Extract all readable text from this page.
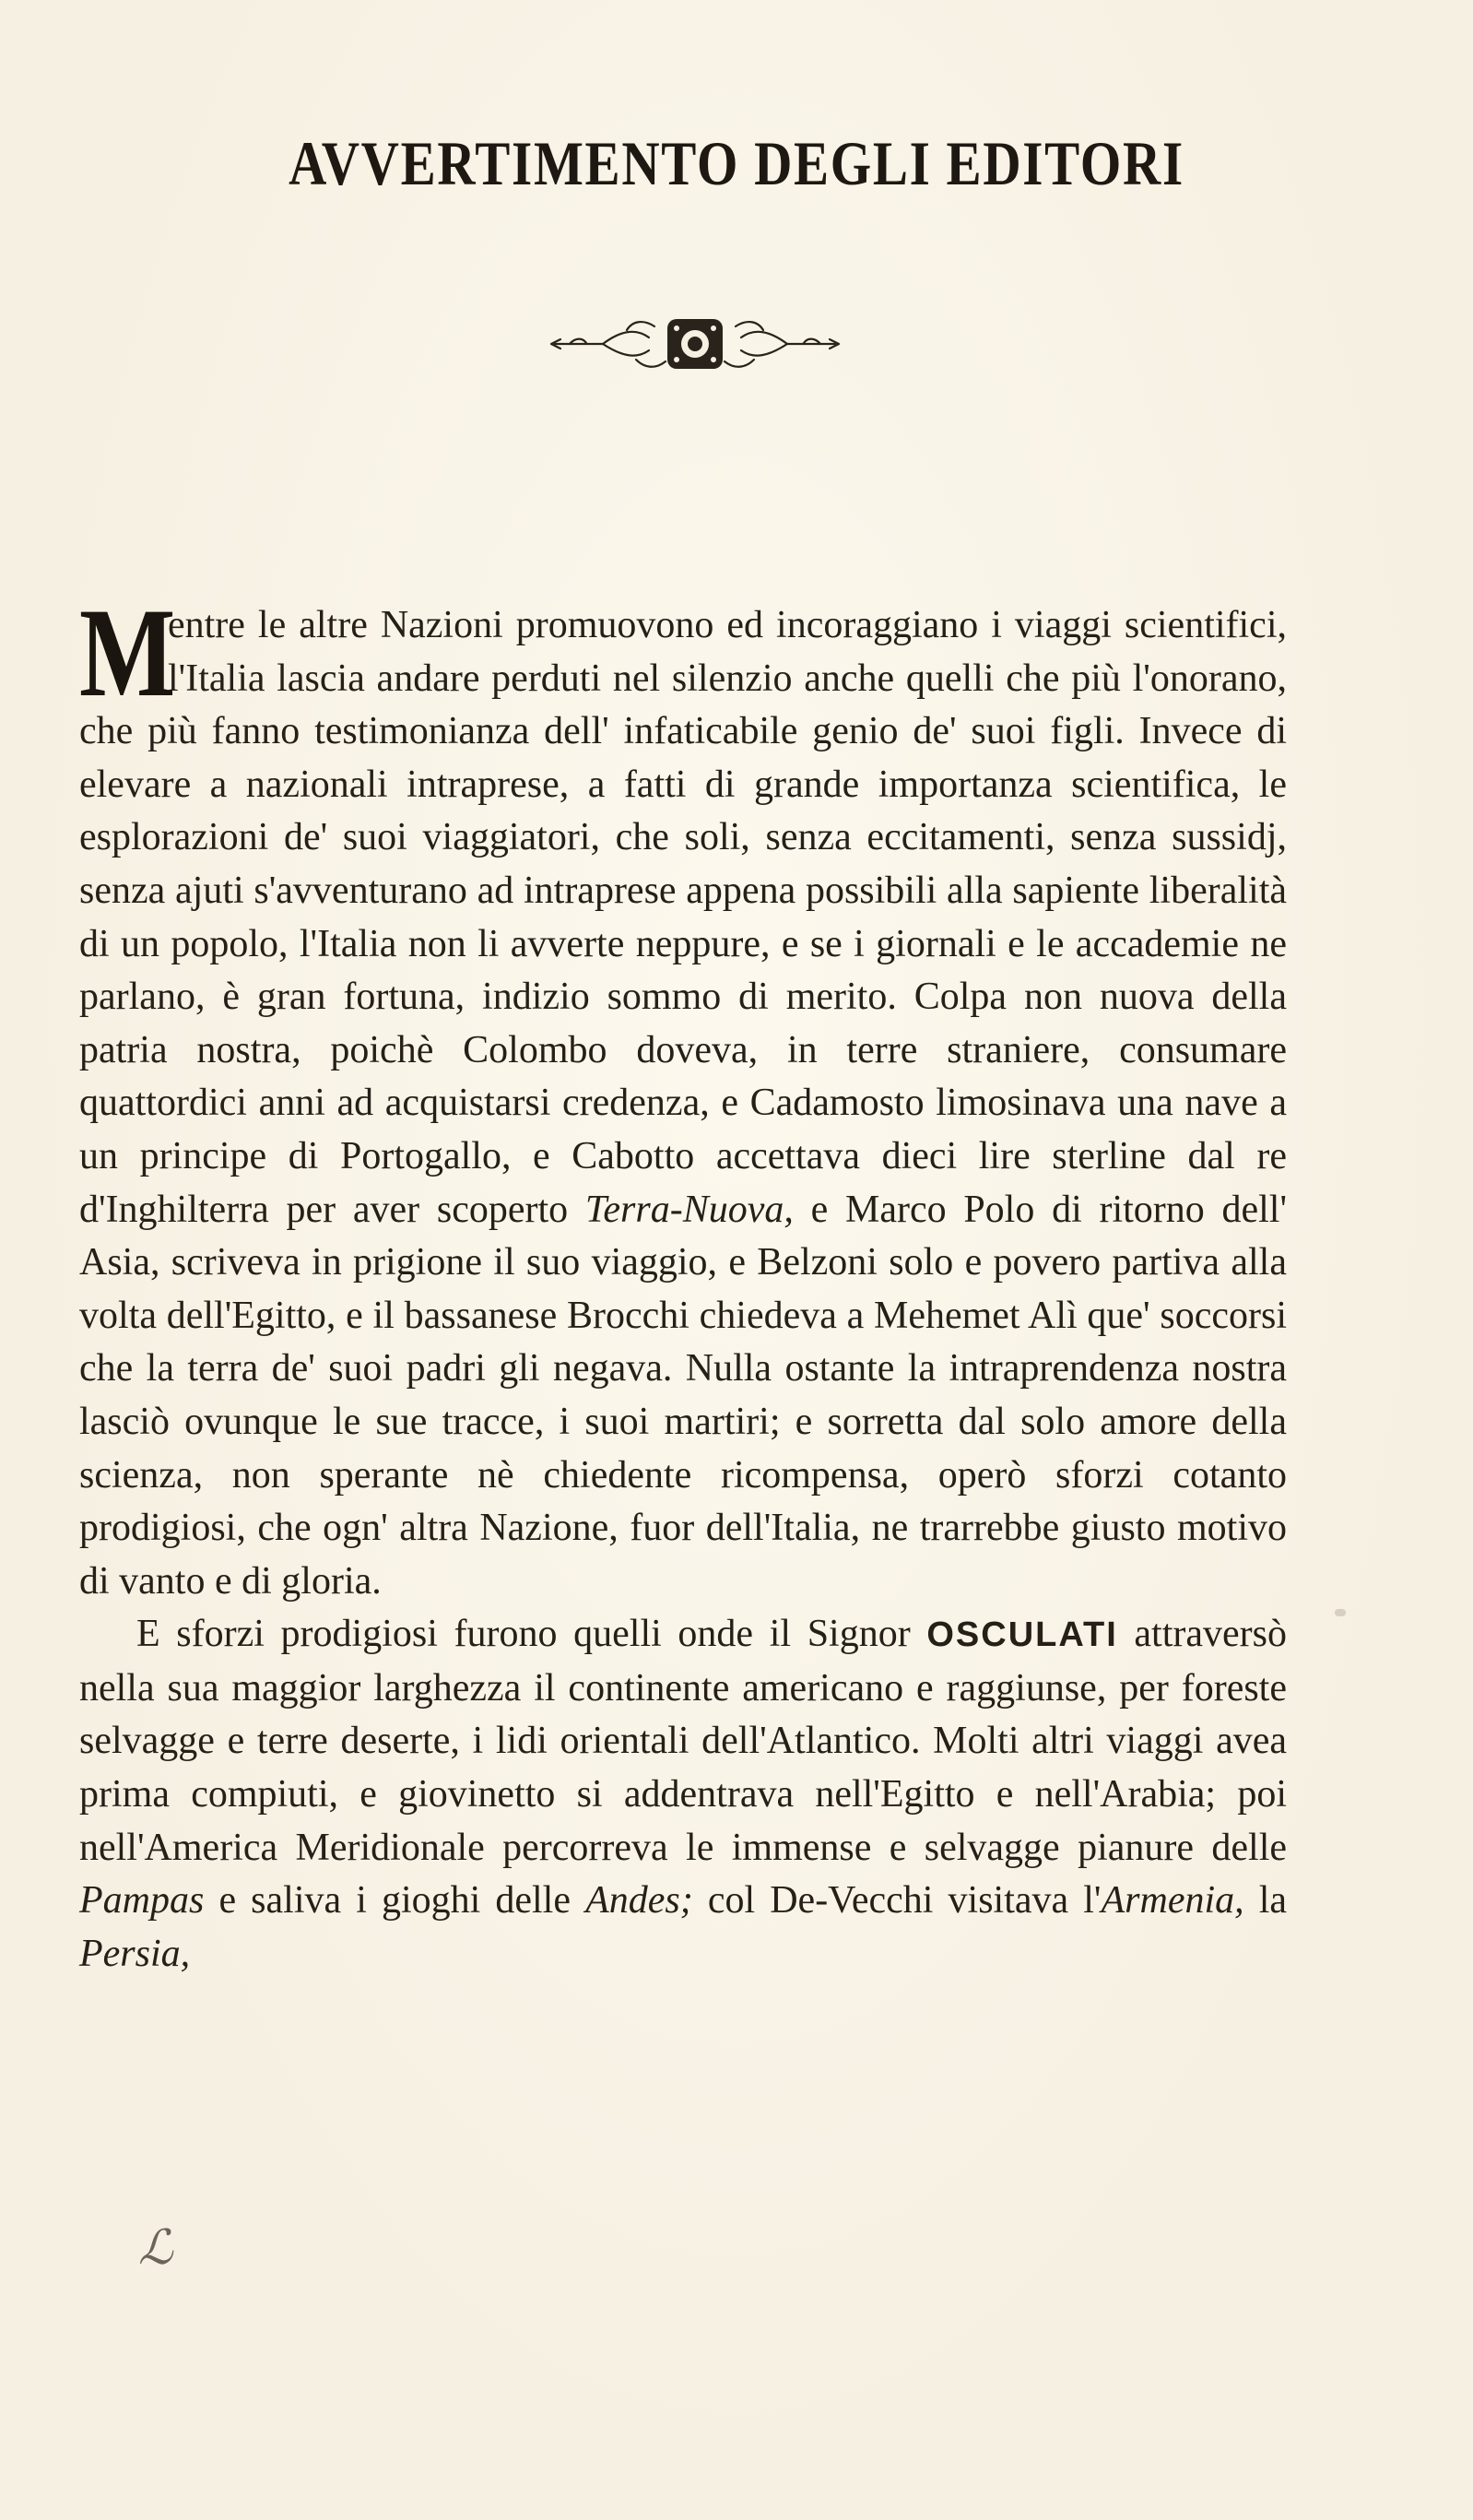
AVVERTIMENTO DEGLI EDITORI

M
entre le altre Nazioni promuovono ed incoraggiano i viaggi scientifici, l'Italia lascia andare perduti nel silenzio anche quelli che più l'onorano, che più fanno testimonianza dell' infaticabile genio de' suoi figli. Invece di elevare a nazionali intraprese, a fatti di grande importanza scientifica, le esplorazioni de' suoi viaggiatori, che soli, senza eccitamenti, senza sussidj, senza ajuti s'avventurano ad intraprese appena possibili alla sapiente liberalità di un popolo, l'Italia non li avverte neppure, e se i giornali e le accademie ne parlano, è gran fortuna, indizio sommo di merito. Colpa non nuova della patria nostra, poichè Colombo doveva, in terre straniere, consumare quattordici anni ad acquistarsi credenza, e Cadamosto limosinava una nave a un principe di Portogallo, e Cabotto accettava dieci lire sterline dal re d'Inghilterra per aver scoperto Terra-Nuova, e Marco Polo di ritorno dell' Asia, scriveva in prigione il suo viaggio, e Belzoni solo e povero partiva alla volta dell'Egitto, e il bassanese Brocchi chiedeva a Mehemet Alì que' soccorsi che la terra de' suoi padri gli negava. Nulla ostante la intraprendenza nostra lasciò ovunque le sue tracce, i suoi martiri; e sorretta dal solo amore della scienza, non sperante nè chiedente ricompensa, operò sforzi cotanto prodigiosi, che ogn' altra Nazione, fuor dell'Italia, ne trarrebbe giusto motivo di vanto e di gloria.

E sforzi prodigiosi furono quelli onde il Signor OSCULATI attraversò nella sua maggior larghezza il continente americano e raggiunse, per foreste selvagge e terre deserte, i lidi orientali dell'Atlantico. Molti altri viaggi avea prima compiuti, e giovinetto si addentrava nell'Egitto e nell'Arabia; poi nell'America Meridionale percorreva le immense e selvagge pianure delle Pampas e saliva i gioghi delle Andes; col De-Vecchi visitava l'Armenia, la Persia,

ℒ
